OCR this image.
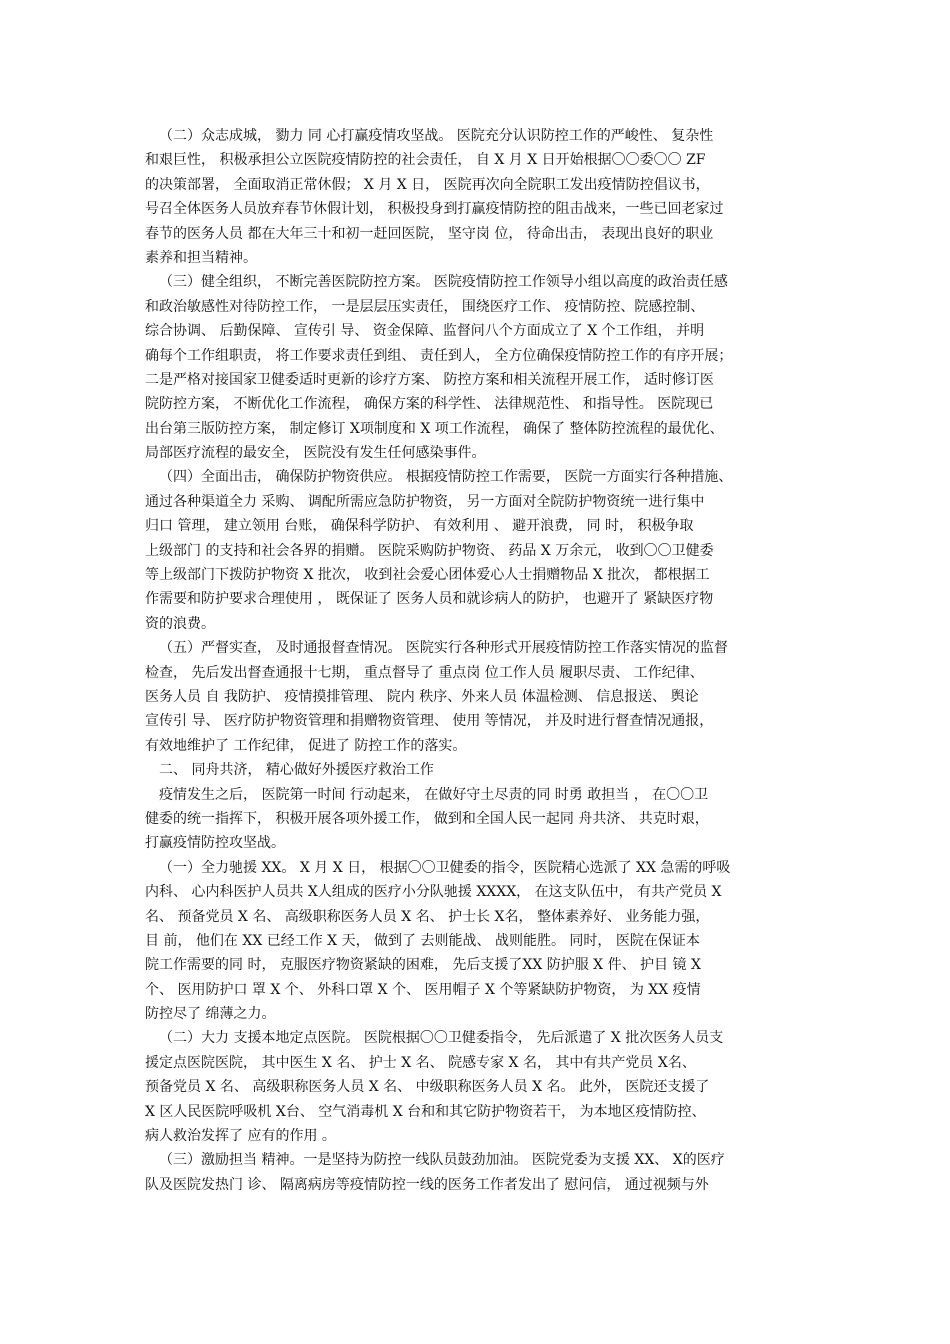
（二）众志成城， 勠力 同 心打赢疫情攻坚战。 医院充分认识防控工作的严峻性、 复杂性
和艰巨性， 积极承担公立医院疫情防控的社会责任， 自 X 月 X 日开始根据〇〇委〇〇 ZF
的决策部署， 全面取消正常休假； X 月 X 日， 医院再次向全院职工发出疫情防控倡议书，
号召全体医务人员放弃春节休假计划， 积极投身到打赢疫情防控的阻击战来，一些已回老家过
春节的医务人员 都在大年三十和初一赶回医院， 坚守岗 位， 待命出击， 表现出良好的职业
素养和担当精神。
（三）健全组织， 不断完善医院防控方案。 医院疫情防控工作领导小组以高度的政治责任感
和政治敏感性对待防控工作， 一是层层压实责任， 围绕医疗工作、 疫情防控、院感控制、
综合协调、 后勤保障、 宣传引 导、 资金保障、监督问八个方面成立了 X 个工作组， 并明
确每个工作组职责， 将工作要求责任到组、 责任到人， 全方位确保疫情防控工作的有序开展；
二是严格对接国家卫健委适时更新的诊疗方案、 防控方案和相关流程开展工作， 适时修订医
院防控方案， 不断优化工作流程， 确保方案的科学性、 法律规范性、 和指导性。 医院现已
出台第三版防控方案， 制定修订 X项制度和 X 项工作流程， 确保了 整体防控流程的最优化、
局部医疗流程的最安全， 医院没有发生任何感染事件。
（四）全面出击， 确保防护物资供应。 根据疫情防控工作需要， 医院一方面实行各种措施、
通过各种渠道全力 采购、 调配所需应急防护物资， 另一方面对全院防护物资统一进行集中
归口 管理， 建立领用 台账， 确保科学防护、 有效利用 、 避开浪费， 同 时， 积极争取
上级部门 的支持和社会各界的捐赠。 医院采购防护物资、 药品 X 万余元， 收到〇〇卫健委
等上级部门下拨防护物资 X 批次， 收到社会爱心团体爱心人士捐赠物品 X 批次， 都根据工
作需要和防护要求合理使用 ， 既保证了 医务人员和就诊病人的防护， 也避开了 紧缺医疗物
资的浪费。
（五）严督实查， 及时通报督查情况。 医院实行各种形式开展疫情防控工作落实情况的监督
检查， 先后发出督查通报十七期， 重点督导了 重点岗 位工作人员 履职尽责、 工作纪律、
医务人员 自 我防护、 疫情摸排管理、 院内 秩序、外来人员 体温检测、 信息报送、 舆论
宣传引 导、 医疗防护物资管理和捐赠物资管理、 使用 等情况， 并及时进行督查情况通报，
有效地维护了 工作纪律， 促进了 防控工作的落实。
二、 同舟共济， 精心做好外援医疗救治工作
疫情发生之后， 医院第一时间 行动起来， 在做好守土尽责的同 时勇 敢担当 ， 在〇〇卫
健委的统一指挥下， 积极开展各项外援工作， 做到和全国人民一起同 舟共济、 共克时艰，
打赢疫情防控攻坚战。
（一）全力驰援 XX。 X 月 X 日， 根据〇〇卫健委的指令，医院精心选派了 XX 急需的呼吸
内科、 心内科医护人员共 X人组成的医疗小分队驰援 XXXX， 在这支队伍中， 有共产党员 X
名、 预备党员 X 名、 高级职称医务人员 X 名、 护士长 X名， 整体素养好、 业务能力强，
目 前， 他们在 XX 已经工作 X 天， 做到了 去则能战、 战则能胜。 同时， 医院在保证本
院工作需要的同 时， 克服医疗物资紧缺的困难， 先后支援了XX 防护服 X 件、 护目 镜 X
个、 医用防护口 罩 X 个、 外科口罩 X 个、 医用帽子 X 个等紧缺防护物资， 为 XX 疫情
防控尽了 绵薄之力。
（二）大力 支援本地定点医院。 医院根据〇〇卫健委指令， 先后派遣了 X 批次医务人员支
援定点医院医院， 其中医生 X 名、 护士 X 名、 院感专家 X 名， 其中有共产党员 X名、
预备党员 X 名、 高级职称医务人员 X 名、 中级职称医务人员 X 名。 此外， 医院还支援了
X 区人民医院呼吸机 X台、 空气消毒机 X 台和和其它防护物资若干， 为本地区疫情防控、
病人救治发挥了 应有的作用 。
（三）激励担当 精神。一是坚持为防控一线队员鼓劲加油。 医院党委为支援 XX、 X的医疗
队及医院发热门 诊、 隔离病房等疫情防控一线的医务工作者发出了 慰问信， 通过视频与外
